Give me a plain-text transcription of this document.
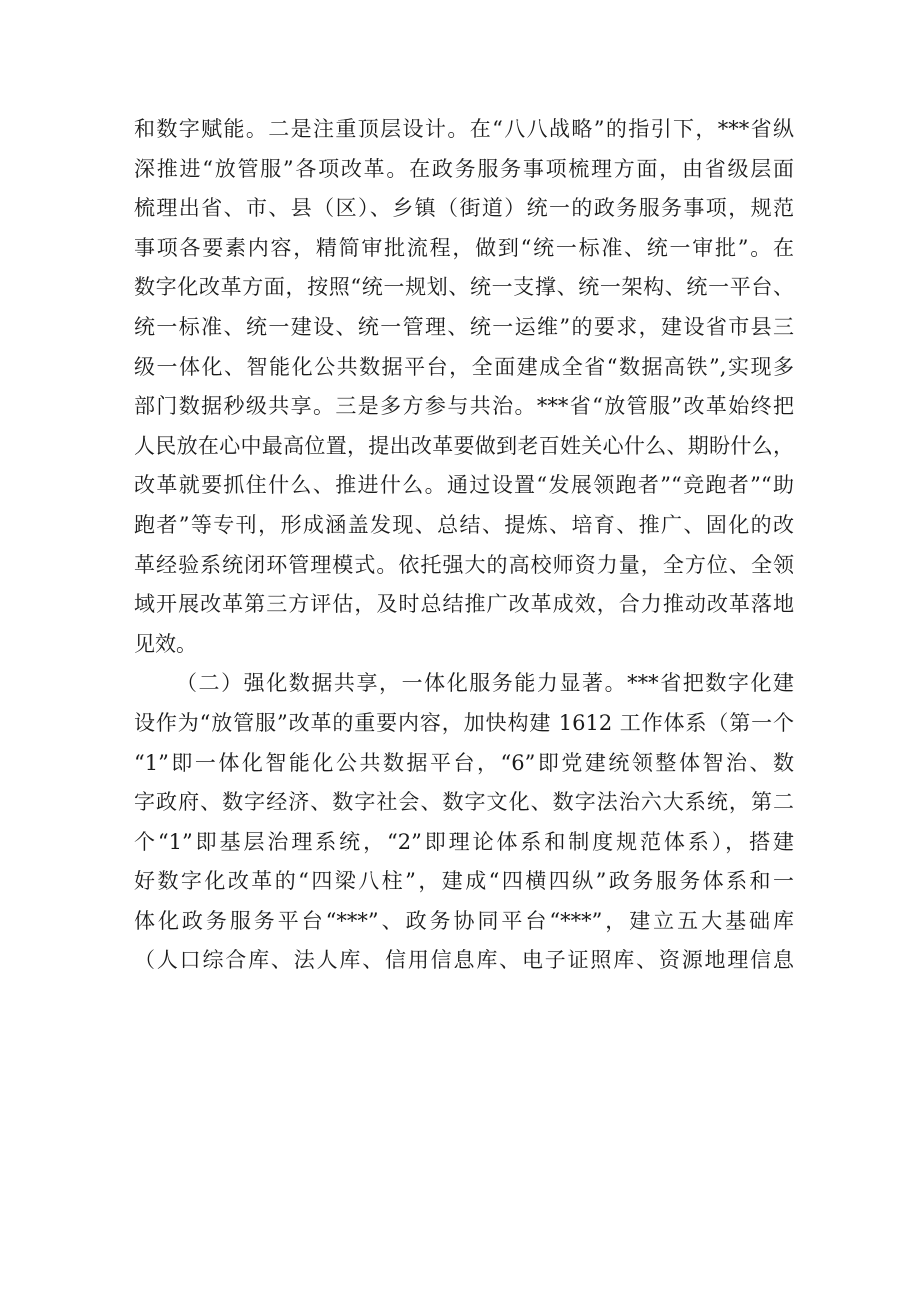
和数字赋能。二是注重顶层设计。在“八八战略”的指引下，***省纵
深推进“放管服”各项改革。在政务服务事项梳理方面，由省级层面
梳理出省、市、县（区）、乡镇（街道）统一的政务服务事项，规范
事项各要素内容，精简审批流程，做到“统一标准、统一审批”。在
数字化改革方面，按照“统一规划、统一支撑、统一架构、统一平台、
统一标准、统一建设、统一管理、统一运维”的要求，建设省市县三
级一体化、智能化公共数据平台，全面建成全省“数据高铁”,实现多
部门数据秒级共享。三是多方参与共治。***省“放管服”改革始终把
人民放在心中最高位置，提出改革要做到老百姓关心什么、期盼什么，
改革就要抓住什么、推进什么。通过设置“发展领跑者”“竞跑者”“助
跑者”等专刊，形成涵盖发现、总结、提炼、培育、推广、固化的改
革经验系统闭环管理模式。依托强大的高校师资力量，全方位、全领
域开展改革第三方评估，及时总结推广改革成效，合力推动改革落地
见效。
（二）强化数据共享，一体化服务能力显著。***省把数字化建
设作为“放管服”改革的重要内容，加快构建 1612 工作体系（第一个
“1”即一体化智能化公共数据平台，“6”即党建统领整体智治、数
字政府、数字经济、数字社会、数字文化、数字法治六大系统，第二
个“1”即基层治理系统，“2”即理论体系和制度规范体系），搭建
好数字化改革的“四梁八柱”，建成“四横四纵”政务服务体系和一
体化政务服务平台“***”、政务协同平台“***”，建立五大基础库
（人口综合库、法人库、信用信息库、电子证照库、资源地理信息
